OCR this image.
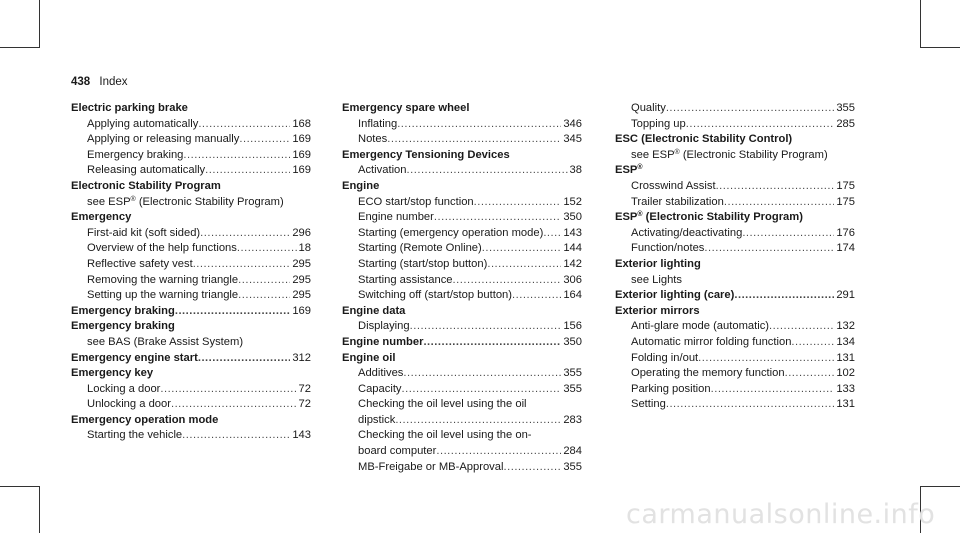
438 Index
Electric parking brake
Applying automatically .....	168
Applying or releasing manually .....	169
Emergency braking .....	169
Releasing automatically .....	169
Electronic Stability Program
see ESP® (Electronic Stability Program)
Emergency
First-aid kit (soft sided) .....	296
Overview of the help functions .....	18
Reflective safety vest .....	295
Removing the warning triangle .....	295
Setting up the warning triangle .....	295
Emergency braking .....	169
Emergency braking
see BAS (Brake Assist System)
Emergency engine start .....	312
Emergency key
Locking a door .....	72
Unlocking a door .....	72
Emergency operation mode
Starting the vehicle .....	143
Emergency spare wheel
Inflating .....	346
Notes .....	345
Emergency Tensioning Devices
Activation .....	38
Engine
ECO start/stop function .....	152
Engine number .....	350
Starting (emergency operation mode) ..... 143
Starting (Remote Online) .....	144
Starting (start/stop button) .....	142
Starting assistance .....	306
Switching off (start/stop button) .....	164
Engine data
Displaying .....	156
Engine number .....	350
Engine oil
Additives .....	355
Capacity .....	355
Checking the oil level using the oil
dipstick .....	283
Checking the oil level using the on-
board computer .....	284
MB-Freigabe or MB-Approval .....	355
Quality .....	355
Topping up .....	285
ESC (Electronic Stability Control)
see ESP® (Electronic Stability Program)
ESP®
Crosswind Assist .....	175
Trailer stabilization .....	175
ESP® (Electronic Stability Program)
Activating/deactivating .....	176
Function/notes .....	174
Exterior lighting
see Lights
Exterior lighting (care) .....	291
Exterior mirrors
Anti-glare mode (automatic) .....	132
Automatic mirror folding function .....	134
Folding in/out .....	131
Operating the memory function .....	102
Parking position .....	133
Setting .....	131
carmanualsonline.info
